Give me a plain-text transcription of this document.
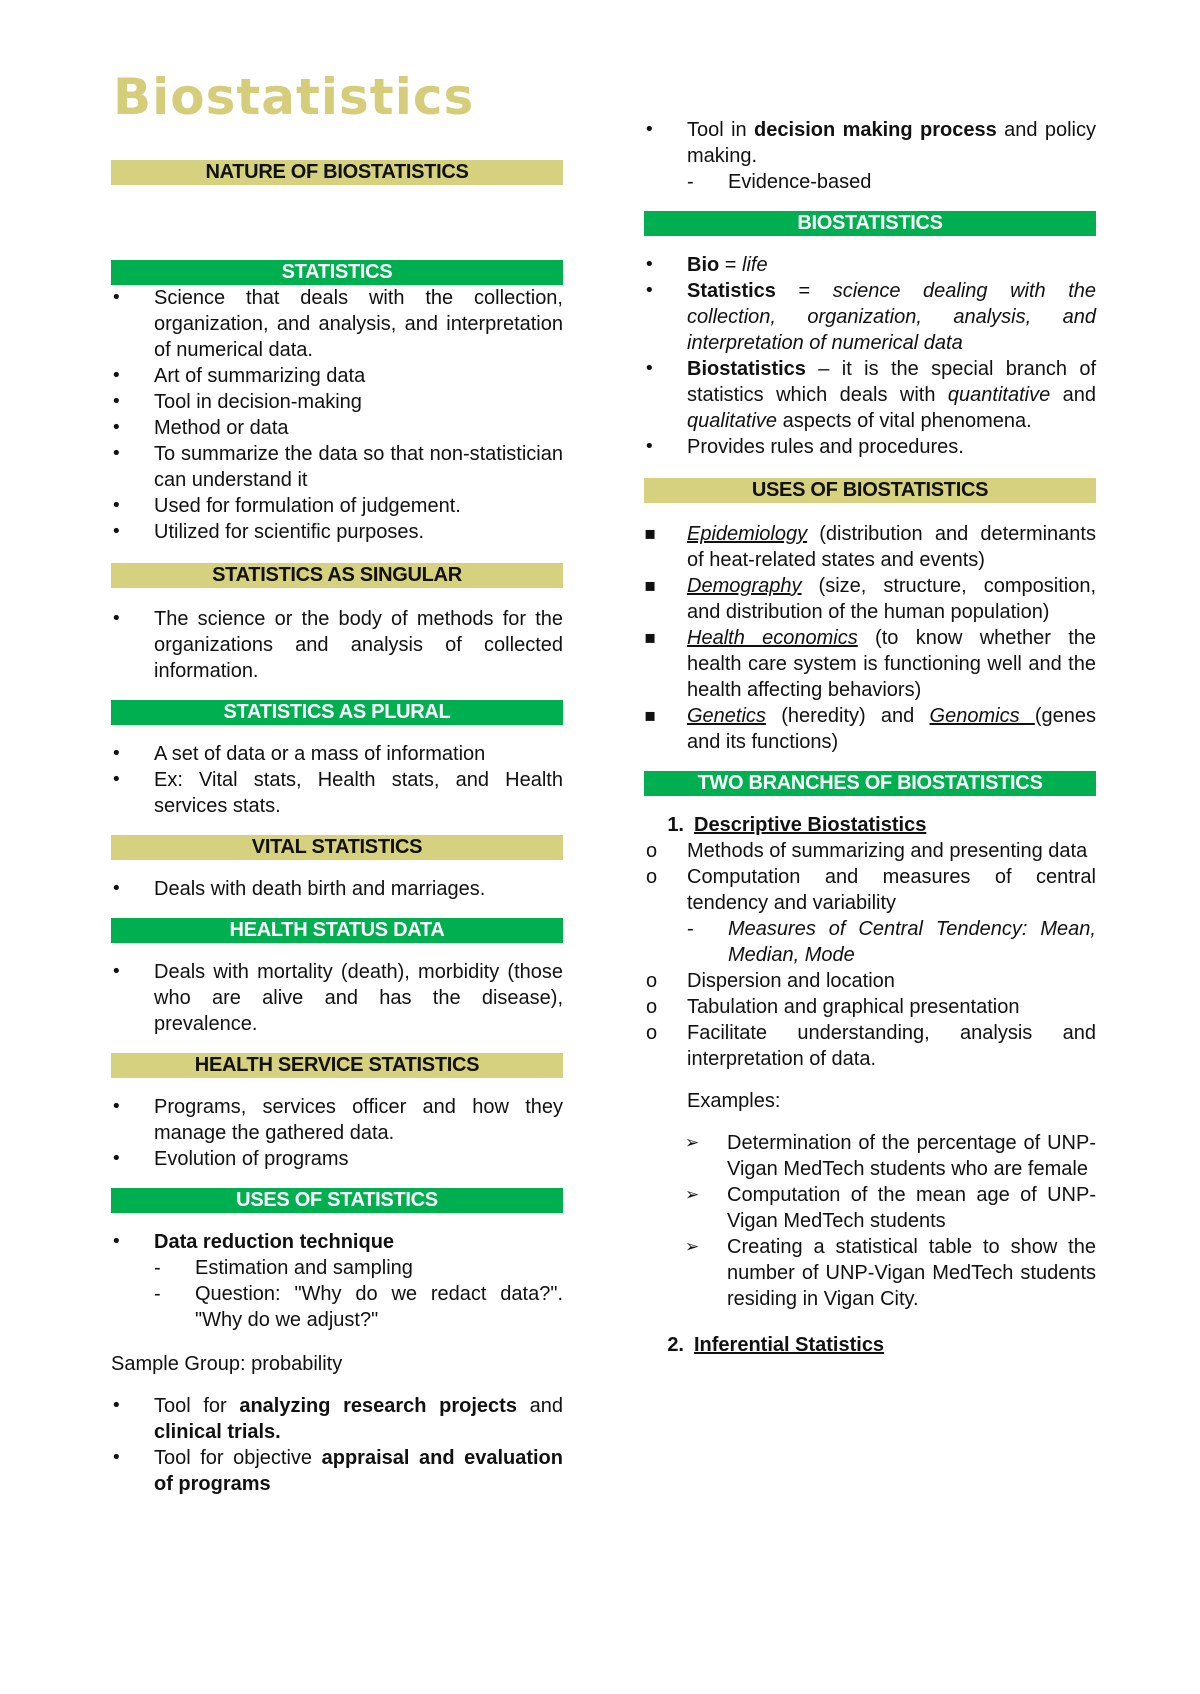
Biostatistics
NATURE OF BIOSTATISTICS
STATISTICS
• Science that deals with the collection, organization, and analysis, and interpretation of numerical data.
• Art of summarizing data
• Tool in decision-making
• Method or data
• To summarize the data so that non-statistician can understand it
• Used for formulation of judgement.
• Utilized for scientific purposes.
STATISTICS AS SINGULAR
• The science or the body of methods for the organizations and analysis of collected information.
STATISTICS AS PLURAL
• A set of data or a mass of information
• Ex: Vital stats, Health stats, and Health services stats.
VITAL STATISTICS
• Deals with death birth and marriages.
HEALTH STATUS DATA
• Deals with mortality (death), morbidity (those who are alive and has the disease), prevalence.
HEALTH SERVICE STATISTICS
• Programs, services officer and how they manage the gathered data.
• Evolution of programs
USES OF STATISTICS
• Data reduction technique
- Estimation and sampling
- Question: "Why do we redact data?". "Why do we adjust?"

Sample Group: probability

• Tool for analyzing research projects and clinical trials.
• Tool for objective appraisal and evaluation of programs
• Tool in decision making process and policy making.
- Evidence-based
BIOSTATISTICS
• Bio = life
• Statistics = science dealing with the collection, organization, analysis, and interpretation of numerical data
• Biostatistics – it is the special branch of statistics which deals with quantitative and qualitative aspects of vital phenomena.
• Provides rules and procedures.
USES OF BIOSTATISTICS
▪ Epidemiology (distribution and determinants of heat-related states and events)
▪ Demography (size, structure, composition, and distribution of the human population)
▪ Health economics (to know whether the health care system is functioning well and the health affecting behaviors)
▪ Genetics (heredity) and Genomics (genes and its functions)
TWO BRANCHES OF BIOSTATISTICS
1. Descriptive Biostatistics
o Methods of summarizing and presenting data
o Computation and measures of central tendency and variability
- Measures of Central Tendency: Mean, Median, Mode
o Dispersion and location
o Tabulation and graphical presentation
o Facilitate understanding, analysis and interpretation of data.

Examples:

➢ Determination of the percentage of UNP-Vigan MedTech students who are female
➢ Computation of the mean age of UNP-Vigan MedTech students
➢ Creating a statistical table to show the number of UNP-Vigan MedTech students residing in Vigan City.
2. Inferential Statistics
